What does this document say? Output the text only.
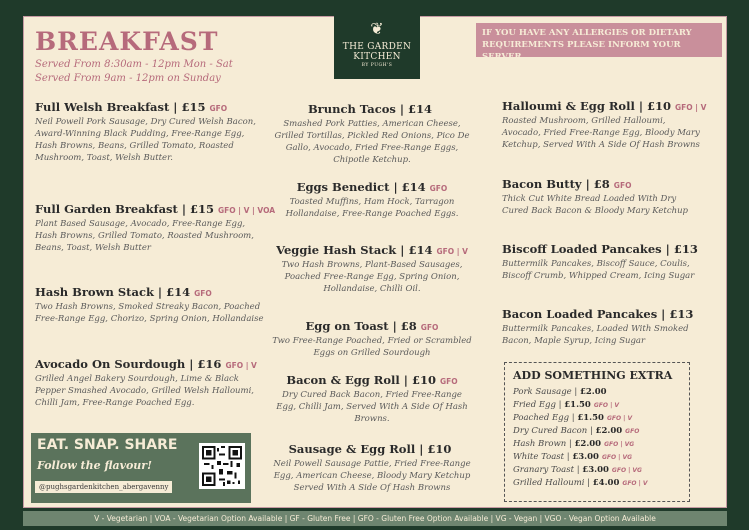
BREAKFAST
Served From 8:30am - 12pm Mon - Sat
Served From 9am - 12pm on Sunday
❦
THE GARDEN
KITCHEN
BY PUGH'S
IF YOU HAVE ANY ALLERGIES OR DIETARY REQUIREMENTS PLEASE INFORM YOUR SERVER
Full Welsh Breakfast | £15 GFO
Neil Powell Pork Sausage, Dry Cured Welsh Bacon, Award-Winning Black Pudding, Free-Range Egg, Hash Browns, Beans, Grilled Tomato, Roasted Mushroom, Toast, Welsh Butter.
Full Garden Breakfast | £15 GFO | V | VOA
Plant Based Sausage, Avocado, Free-Range Egg, Hash Browns, Grilled Tomato, Roasted Mushroom, Beans, Toast, Welsh Butter
Hash Brown Stack | £14 GFO
Two Hash Browns, Smoked Streaky Bacon, Poached Free-Range Egg, Chorizo, Spring Onion, Hollandaise
Avocado On Sourdough | £16 GFO | V
Grilled Angel Bakery Sourdough, Lime & Black Pepper Smashed Avocado, Grilled Welsh Halloumi, Chilli Jam, Free-Range Poached Egg.
Brunch Tacos | £14
Smashed Pork Patties, American Cheese, Grilled Tortillas, Pickled Red Onions, Pico De Gallo, Avocado, Fried Free-Range Eggs, Chipotle Ketchup.
Eggs Benedict | £14 GFO
Toasted Muffins, Ham Hock, Tarragon Hollandaise, Free-Range Poached Eggs.
Veggie Hash Stack | £14 GFO | V
Two Hash Browns, Plant-Based Sausages, Poached Free-Range Egg, Spring Onion, Hollandaise, Chilli Oil.
Egg on Toast | £8 GFO
Two Free-Range Poached, Fried or Scrambled Eggs on Grilled Sourdough
Bacon & Egg Roll | £10 GFO
Dry Cured Back Bacon, Fried Free-Range Egg, Chilli Jam, Served With A Side Of Hash Browns.
Sausage & Egg Roll | £10
Neil Powell Sausage Pattie, Fried Free-Range Egg, American Cheese, Bloody Mary Ketchup Served With A Side Of Hash Browns
Halloumi & Egg Roll | £10 GFO | V
Roasted Mushroom, Grilled Halloumi, Avocado, Fried Free-Range Egg, Bloody Mary Ketchup, Served With A Side Of Hash Browns
Bacon Butty | £8 GFO
Thick Cut White Bread Loaded With Dry Cured Back Bacon & Bloody Mary Ketchup
Biscoff Loaded Pancakes | £13
Buttermilk Pancakes, Biscoff Sauce, Coulis, Biscoff Crumb, Whipped Cream, Icing Sugar
Bacon Loaded Pancakes | £13
Buttermilk Pancakes, Loaded With Smoked Bacon, Maple Syrup, Icing Sugar
ADD SOMETHING EXTRA
Pork Sausage | £2.00
Fried Egg | £1.50 GFO | V
Poached Egg | £1.50 GFO | V
Dry Cured Bacon | £2.00 GFO
Hash Brown | £2.00 GFO | VG
White Toast | £3.00 GFO | VG
Granary Toast | £3.00 GFO | VG
Grilled Halloumi | £4.00 GFO | V
EAT. SNAP. SHARE
Follow the flavour!
@pughsgardenkitchen_abergavenny
V - Vegetarian | VOA - Vegetarian Option Available | GF - Gluten Free | GFO - Gluten Free Option Available | VG - Vegan | VGO - Vegan Option Available
